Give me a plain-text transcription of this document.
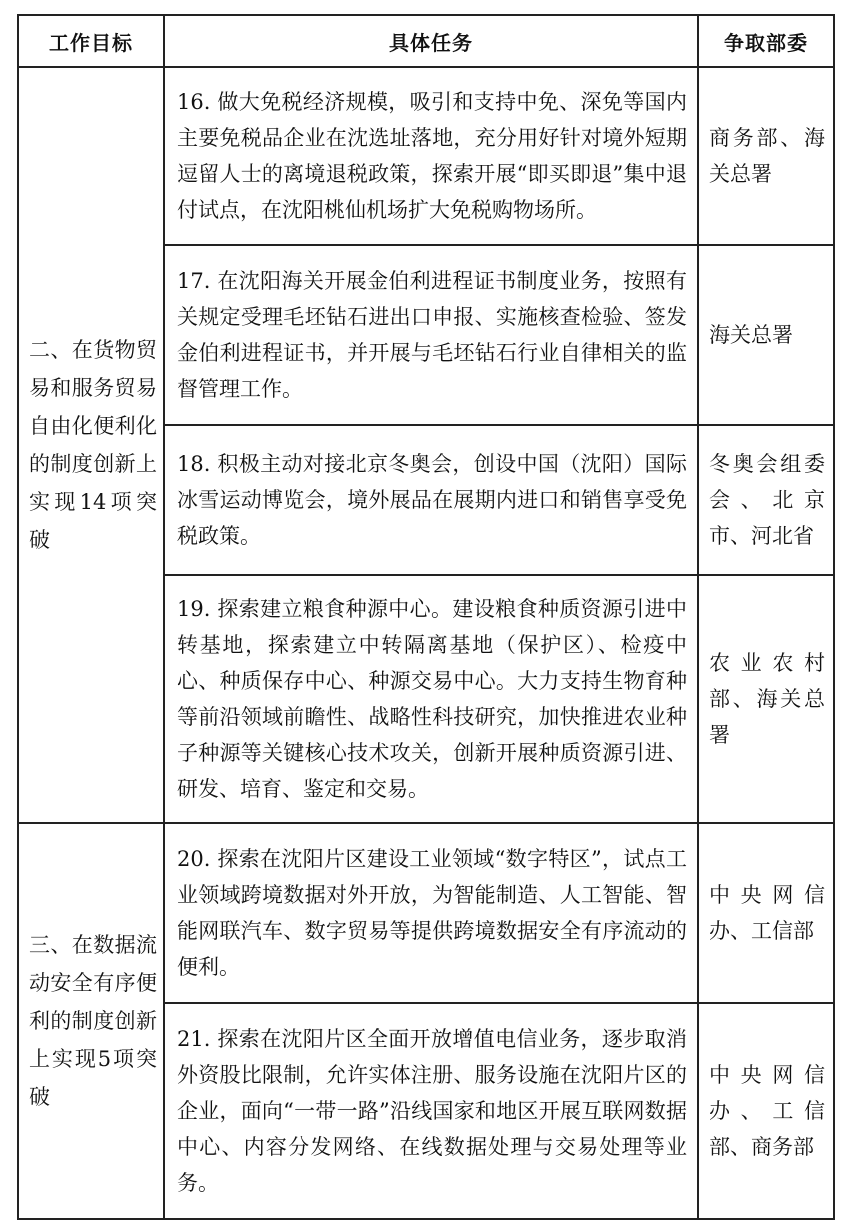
工作目标	具体任务	争取部委
二、在货物贸易和服务贸易自由化便利化的制度创新上实现14项突破	16. 做大免税经济规模，吸引和支持中免、深免等国内主要免税品企业在沈选址落地，充分用好针对境外短期逗留人士的离境退税政策，探索开展“即买即退”集中退付试点，在沈阳桃仙机场扩大免税购物场所。	商务部、海关总署
	17. 在沈阳海关开展金伯利进程证书制度业务，按照有关规定受理毛坯钻石进出口申报、实施核查检验、签发金伯利进程证书，并开展与毛坯钻石行业自律相关的监督管理工作。	海关总署
	18. 积极主动对接北京冬奥会，创设中国（沈阳）国际冰雪运动博览会，境外展品在展期内进口和销售享受免税政策。	冬奥会组委会、北京市、河北省
	19. 探索建立粮食种源中心。建设粮食种质资源引进中转基地，探索建立中转隔离基地（保护区）、检疫中心、种质保存中心、种源交易中心。大力支持生物育种等前沿领域前瞻性、战略性科技研究，加快推进农业种子种源等关键核心技术攻关，创新开展种质资源引进、研发、培育、鉴定和交易。	农业农村部、海关总署
三、在数据流动安全有序便利的制度创新上实现5项突破	20. 探索在沈阳片区建设工业领域“数字特区”，试点工业领域跨境数据对外开放，为智能制造、人工智能、智能网联汽车、数字贸易等提供跨境数据安全有序流动的便利。	中央网信办、工信部
	21. 探索在沈阳片区全面开放增值电信业务，逐步取消外资股比限制，允许实体注册、服务设施在沈阳片区的企业，面向“一带一路”沿线国家和地区开展互联网数据中心、内容分发网络、在线数据处理与交易处理等业务。	中央网信办、工信部、商务部
